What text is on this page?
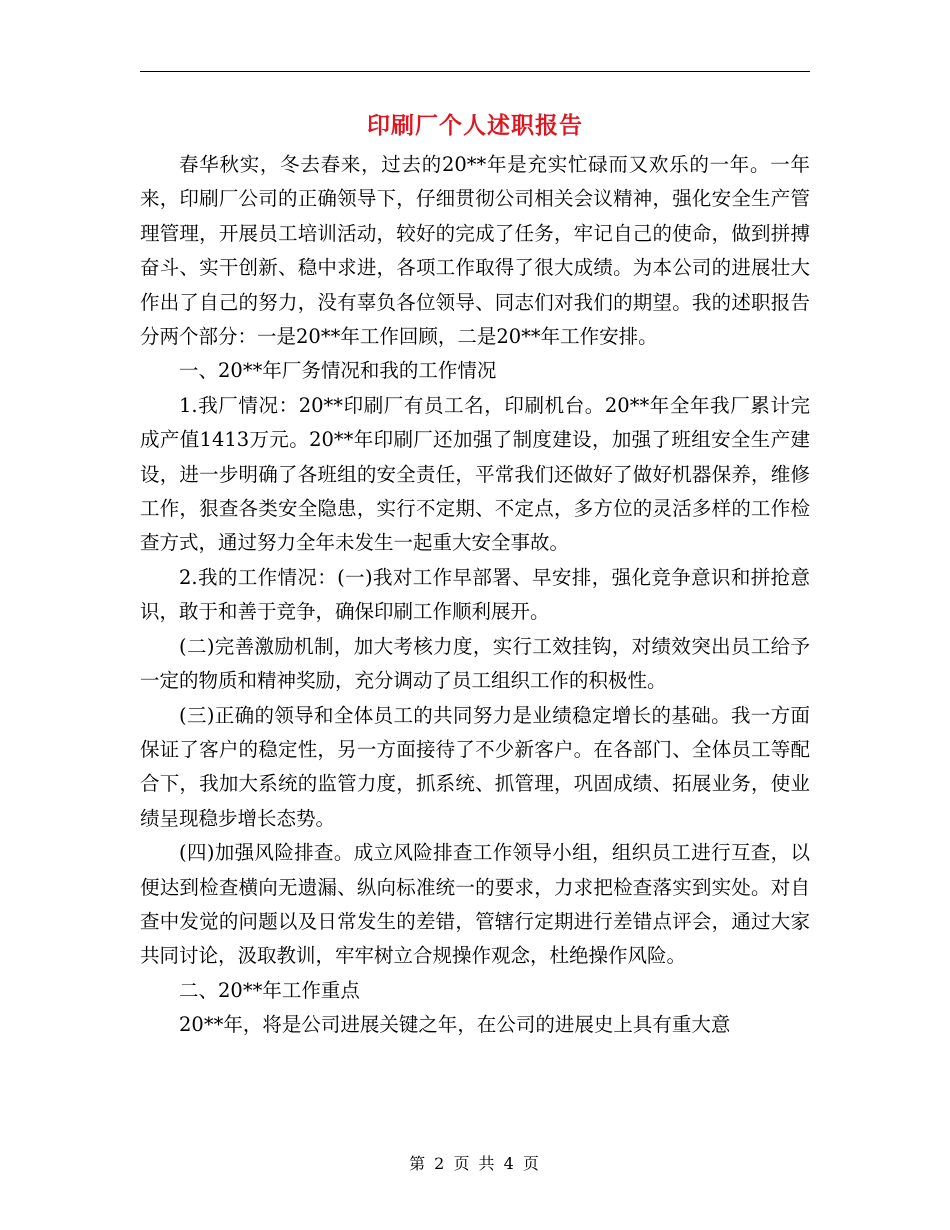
印刷厂个人述职报告

春华秋实，冬去春来，过去的20**年是充实忙碌而又欢乐的一年。一年来，印刷厂公司的正确领导下，仔细贯彻公司相关会议精神，强化安全生产管理管理，开展员工培训活动，较好的完成了任务，牢记自己的使命，做到拼搏奋斗、实干创新、稳中求进，各项工作取得了很大成绩。为本公司的进展壮大作出了自己的努力，没有辜负各位领导、同志们对我们的期望。我的述职报告分两个部分：一是20**年工作回顾，二是20**年工作安排。

一、20**年厂务情况和我的工作情况

1.我厂情况：20**印刷厂有员工名，印刷机台。20**年全年我厂累计完成产值1413万元。20**年印刷厂还加强了制度建设，加强了班组安全生产建设，进一步明确了各班组的安全责任，平常我们还做好了做好机器保养，维修工作，狠查各类安全隐患，实行不定期、不定点，多方位的灵活多样的工作检查方式，通过努力全年未发生一起重大安全事故。

2.我的工作情况：(一)我对工作早部署、早安排，强化竞争意识和拼抢意识，敢于和善于竞争，确保印刷工作顺利展开。

(二)完善激励机制，加大考核力度，实行工效挂钩，对绩效突出员工给予一定的物质和精神奖励，充分调动了员工组织工作的积极性。

(三)正确的领导和全体员工的共同努力是业绩稳定增长的基础。我一方面保证了客户的稳定性，另一方面接待了不少新客户。在各部门、全体员工等配合下，我加大系统的监管力度，抓系统、抓管理，巩固成绩、拓展业务，使业绩呈现稳步增长态势。

(四)加强风险排查。成立风险排查工作领导小组，组织员工进行互查，以便达到检查横向无遗漏、纵向标准统一的要求，力求把检查落实到实处。对自查中发觉的问题以及日常发生的差错，管辖行定期进行差错点评会，通过大家共同讨论，汲取教训，牢牢树立合规操作观念，杜绝操作风险。

二、20**年工作重点

20**年，将是公司进展关键之年，在公司的进展史上具有重大意

第 2 页 共 4 页
